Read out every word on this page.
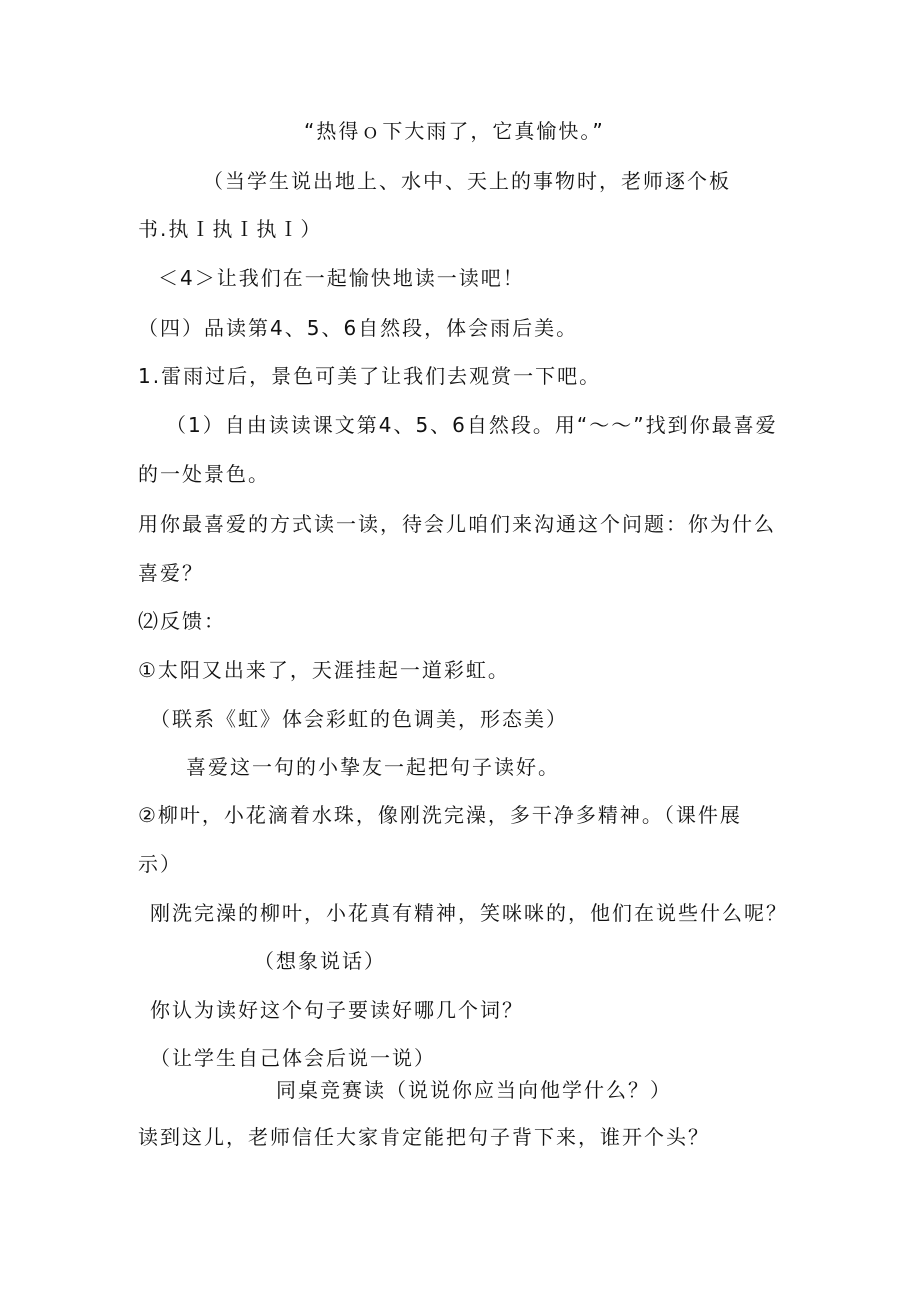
“热得ｏ下大雨了，它真愉快。”

（当学生说出地上、水中、天上的事物时，老师逐个板

书.执Ｉ执Ｉ执Ｉ）

＜4＞让我们在一起愉快地读一读吧！

（四）品读第4、5、6自然段，体会雨后美。

1.雷雨过后，景色可美了让我们去观赏一下吧。

（1）自由读读课文第4、5、6自然段。用“～～”找到你最喜爱

的一处景色。

用你最喜爱的方式读一读，待会儿咱们来沟通这个问题：你为什么

喜爱？

⑵反馈：

①太阳又出来了，天涯挂起一道彩虹。

（联系《虹》体会彩虹的色调美，形态美）

喜爱这一句的小挚友一起把句子读好。

②柳叶，小花滴着水珠，像刚洗完澡，多干净多精神。（课件展

示）

刚洗完澡的柳叶，小花真有精神，笑咪咪的，他们在说些什么呢？

（想象说话）

你认为读好这个句子要读好哪几个词？

（让学生自己体会后说一说）

同桌竞赛读（说说你应当向他学什么？）

读到这儿，老师信任大家肯定能把句子背下来，谁开个头？
